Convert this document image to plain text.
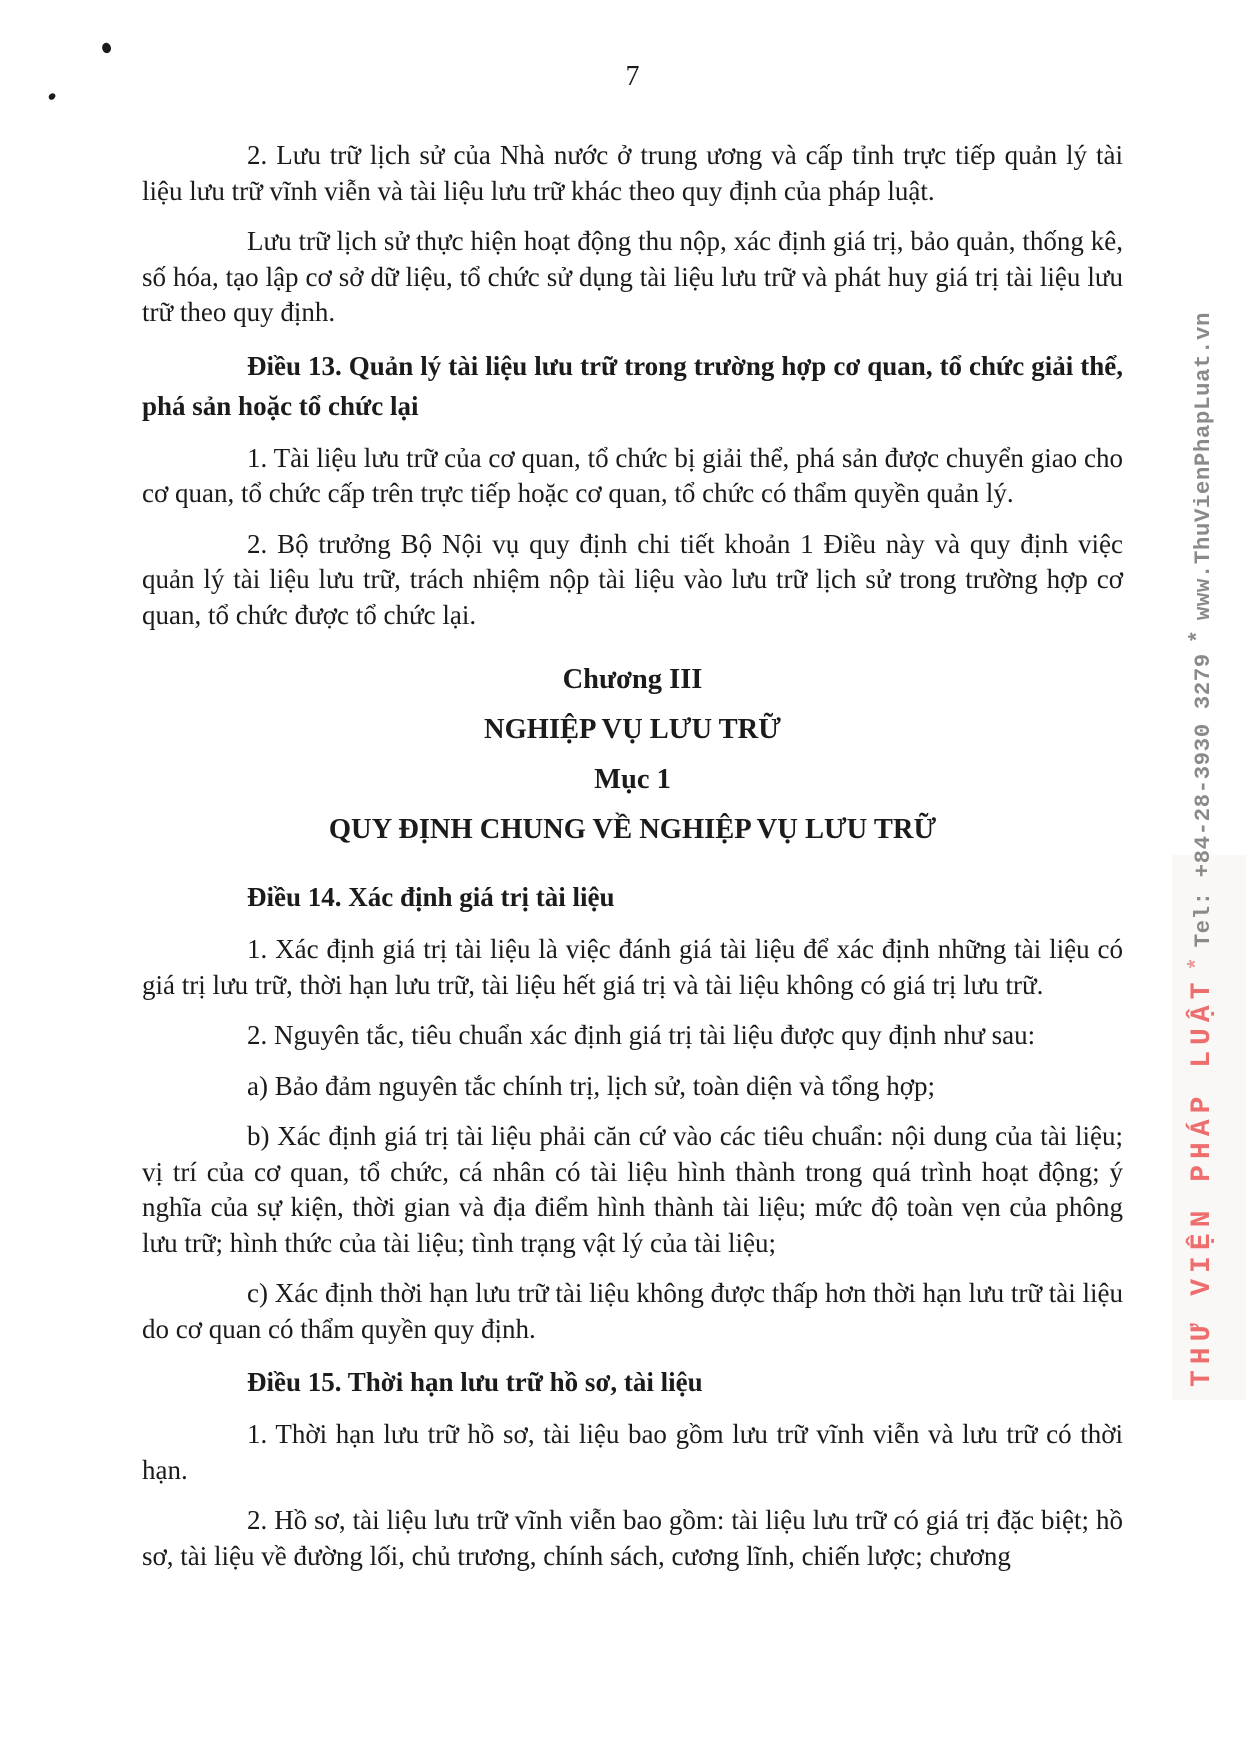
7

2. Lưu trữ lịch sử của Nhà nước ở trung ương và cấp tỉnh trực tiếp quản lý tài liệu lưu trữ vĩnh viễn và tài liệu lưu trữ khác theo quy định của pháp luật.

Lưu trữ lịch sử thực hiện hoạt động thu nộp, xác định giá trị, bảo quản, thống kê, số hóa, tạo lập cơ sở dữ liệu, tổ chức sử dụng tài liệu lưu trữ và phát huy giá trị tài liệu lưu trữ theo quy định.

Điều 13. Quản lý tài liệu lưu trữ trong trường hợp cơ quan, tổ chức giải thể, phá sản hoặc tổ chức lại

1. Tài liệu lưu trữ của cơ quan, tổ chức bị giải thể, phá sản được chuyển giao cho cơ quan, tổ chức cấp trên trực tiếp hoặc cơ quan, tổ chức có thẩm quyền quản lý.

2. Bộ trưởng Bộ Nội vụ quy định chi tiết khoản 1 Điều này và quy định việc quản lý tài liệu lưu trữ, trách nhiệm nộp tài liệu vào lưu trữ lịch sử trong trường hợp cơ quan, tổ chức được tổ chức lại.

Chương III

NGHIỆP VỤ LƯU TRỮ

Mục 1

QUY ĐỊNH CHUNG VỀ NGHIỆP VỤ LƯU TRỮ

Điều 14. Xác định giá trị tài liệu

1. Xác định giá trị tài liệu là việc đánh giá tài liệu để xác định những tài liệu có giá trị lưu trữ, thời hạn lưu trữ, tài liệu hết giá trị và tài liệu không có giá trị lưu trữ.

2. Nguyên tắc, tiêu chuẩn xác định giá trị tài liệu được quy định như sau:

a) Bảo đảm nguyên tắc chính trị, lịch sử, toàn diện và tổng hợp;

b) Xác định giá trị tài liệu phải căn cứ vào các tiêu chuẩn: nội dung của tài liệu; vị trí của cơ quan, tổ chức, cá nhân có tài liệu hình thành trong quá trình hoạt động; ý nghĩa của sự kiện, thời gian và địa điểm hình thành tài liệu; mức độ toàn vẹn của phông lưu trữ; hình thức của tài liệu; tình trạng vật lý của tài liệu;

c) Xác định thời hạn lưu trữ tài liệu không được thấp hơn thời hạn lưu trữ tài liệu do cơ quan có thẩm quyền quy định.

Điều 15. Thời hạn lưu trữ hồ sơ, tài liệu

1. Thời hạn lưu trữ hồ sơ, tài liệu bao gồm lưu trữ vĩnh viễn và lưu trữ có thời hạn.

2. Hồ sơ, tài liệu lưu trữ vĩnh viễn bao gồm: tài liệu lưu trữ có giá trị đặc biệt; hồ sơ, tài liệu về đường lối, chủ trương, chính sách, cương lĩnh, chiến lược; chương

THƯ VIỆN PHÁP LUẬT*Tel: +84-28-3930 3279*www.ThuVienPhapLuat.vn
